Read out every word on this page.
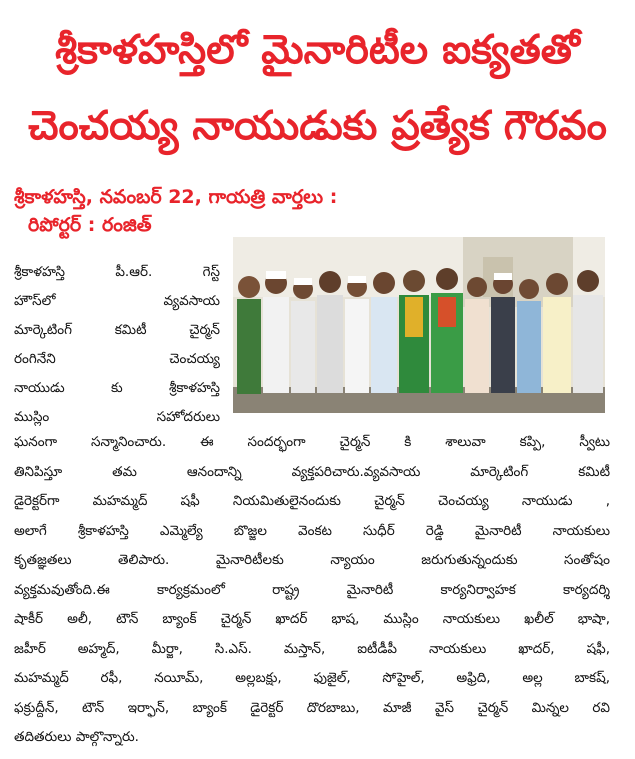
శ్రీకాళహస్తిలో మైనారిటీల ఐక్యతతో
చెంచయ్య నాయుడుకు ప్రత్యేక గౌరవం
శ్రీకాళహస్తి, నవంబర్ 22, గాయత్రి వార్తలు :
రిపోర్టర్ : రంజిత్
శ్రీకాళహస్తి పీ.ఆర్. గెస్ట్
హౌస్‌లో వ్యవసాయ
మార్కెటింగ్ కమిటీ చైర్మన్
రంగినేని చెంచయ్య
నాయుడు కు శ్రీకాళహస్తి
ముస్లిం సహోదరులు
ఘనంగా సన్మానించారు. ఈ సందర్భంగా చైర్మన్ కి శాలువా కప్పి, స్వీటు
తినిపిస్తూ తమ ఆనందాన్ని వ్యక్తపరిచారు.వ్యవసాయ మార్కెటింగ్ కమిటీ
డైరెక్టర్‌గా మహమ్మద్ షఫీ నియమితులైనందుకు చైర్మన్ చెంచయ్య నాయుడు ,
అలాగే శ్రీకాళహస్తి ఎమ్మెల్యే బొజ్జల వెంకట సుధీర్ రెడ్డి మైనారిటీ నాయకులు
కృతజ్ఞతలు తెలిపారు. మైనారిటీలకు న్యాయం జరుగుతున్నందుకు సంతోషం
వ్యక్తమవుతోంది.ఈ కార్యక్రమంలో రాష్ట్ర మైనారిటీ కార్యనిర్వాహక కార్యదర్శి
షాకీర్ అలీ, టౌన్ బ్యాంక్ చైర్మన్ ఖాదర్ భాష, ముస్లిం నాయకులు ఖలీల్ భాషా,
జహీర్ అహ్మద్, మీర్జా, సి.ఎస్. మస్తాన్, ఐటీడీపీ నాయకులు ఖాదర్, షఫీ,
మహమ్మద్ రఫీ, నయీమ్, అల్లబక్షు, ఫుజైల్, సోహైల్, అఫ్రిది, అల్ల బాకష్,
ఫక్రుద్దీన్, టౌన్ ఇర్ఫాన్, బ్యాంక్ డైరెక్టర్ దొరబాబు, మాజీ వైస్ చైర్మన్ మిన్నల రవి
తదితరులు పాల్గొన్నారు.
